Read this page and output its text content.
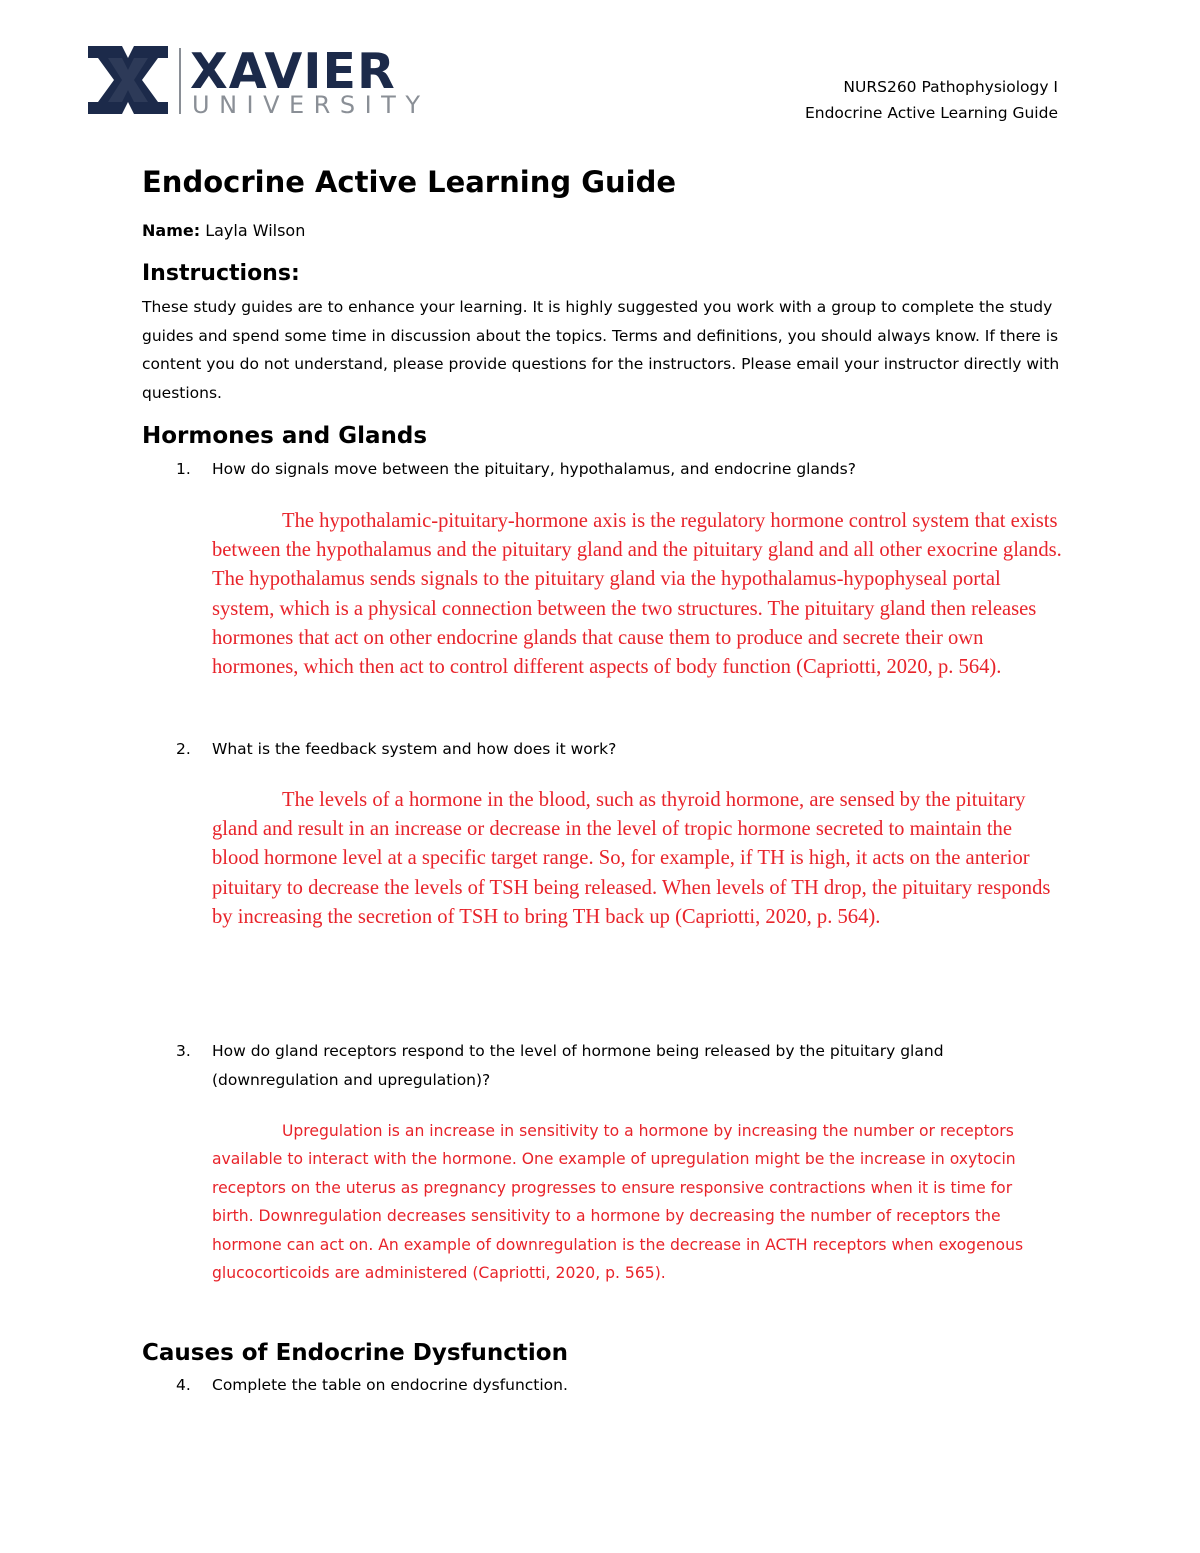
XAVIER
UNIVERSITY
NURS260 Pathophysiology I
Endocrine Active Learning Guide
Endocrine Active Learning Guide
Name: Layla Wilson
Instructions:

These study guides are to enhance your learning. It is highly suggested you work with a group to complete the study guides and spend some time in discussion about the topics. Terms and definitions, you should always know. If there is content you do not understand, please provide questions for the instructors. Please email your instructor directly with questions.

Hormones and Glands
1.	How do signals move between the pituitary, hypothalamus, and endocrine glands?

The hypothalamic-pituitary-hormone axis is the regulatory hormone control system that exists between the hypothalamus and the pituitary gland and the pituitary gland and all other exocrine glands. The hypothalamus sends signals to the pituitary gland via the hypothalamus-hypophyseal portal system, which is a physical connection between the two structures. The pituitary gland then releases hormones that act on other endocrine glands that cause them to produce and secrete their own hormones, which then act to control different aspects of body function (Capriotti, 2020, p. 564).

2.	What is the feedback system and how does it work?

The levels of a hormone in the blood, such as thyroid hormone, are sensed by the pituitary gland and result in an increase or decrease in the level of tropic hormone secreted to maintain the blood hormone level at a specific target range. So, for example, if TH is high, it acts on the anterior pituitary to decrease the levels of TSH being released. When levels of TH drop, the pituitary responds by increasing the secretion of TSH to bring TH back up (Capriotti, 2020, p. 564).

3.	How do gland receptors respond to the level of hormone being released by the pituitary gland (downregulation and upregulation)?

Upregulation is an increase in sensitivity to a hormone by increasing the number or receptors available to interact with the hormone. One example of upregulation might be the increase in oxytocin receptors on the uterus as pregnancy progresses to ensure responsive contractions when it is time for birth. Downregulation decreases sensitivity to a hormone by decreasing the number of receptors the hormone can act on. An example of downregulation is the decrease in ACTH receptors when exogenous glucocorticoids are administered (Capriotti, 2020, p. 565).

Causes of Endocrine Dysfunction
4.	Complete the table on endocrine dysfunction.
